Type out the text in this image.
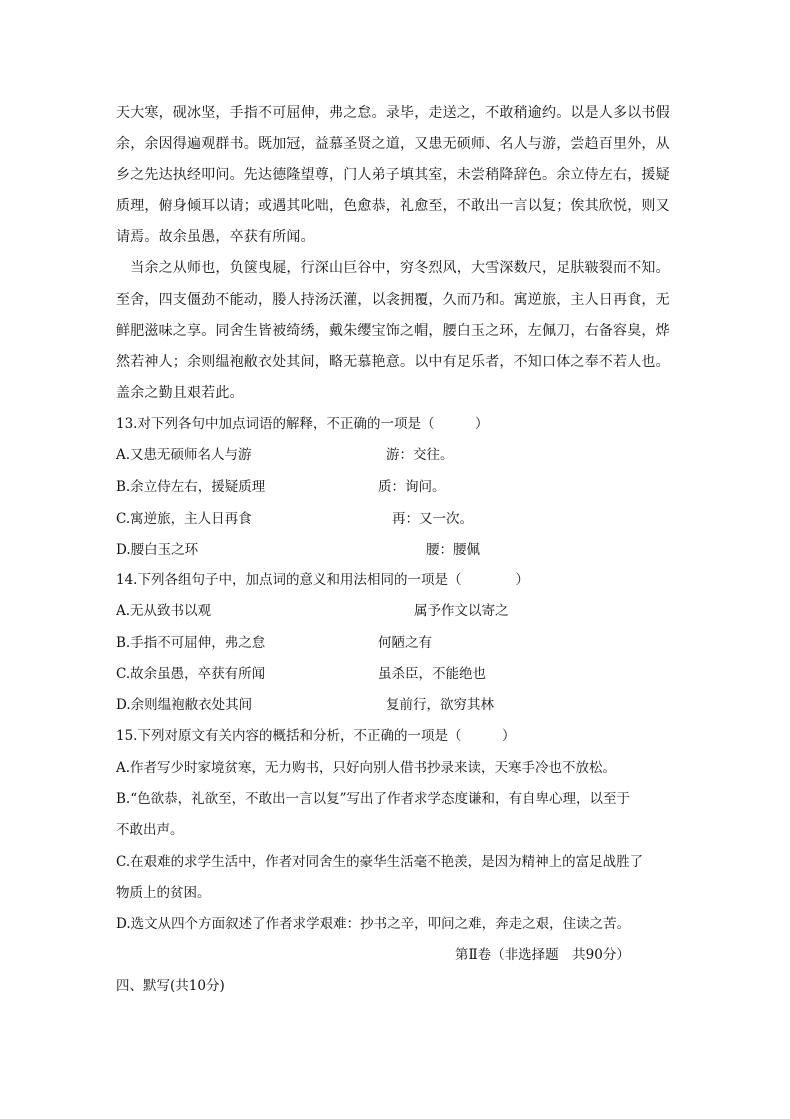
天大寒，砚冰坚，手指不可屈伸，弗之怠。录毕，走送之，不敢稍逾约。以是人多以书假
余，余因得遍观群书。既加冠，益慕圣贤之道，又患无硕师、名人与游，尝趋百里外，从
乡之先达执经叩问。先达德隆望尊，门人弟子填其室，未尝稍降辞色。余立侍左右，援疑
质理，俯身倾耳以请；或遇其叱咄，色愈恭，礼愈至，不敢出一言以复；俟其欣悦，则又
请焉。故余虽愚，卒获有所闻。
　当余之从师也，负箧曳屣，行深山巨谷中，穷冬烈风，大雪深数尺，足肤皲裂而不知。
至舍，四支僵劲不能动，媵人持汤沃灌，以衾拥覆，久而乃和。寓逆旅，主人日再食，无
鲜肥滋味之享。同舍生皆被绮绣，戴朱缨宝饰之帽，腰白玉之环，左佩刀，右备容臭，烨
然若神人；余则缊袍敝衣处其间，略无慕艳意。以中有足乐者，不知口体之奉不若人也。
盖余之勤且艰若此。
13.对下列各句中加点词语的解释，不正确的一项是（　　　）
A.又患无硕师名人与游	游：交往。
B.余立侍左右，援疑质理	质：询问。
C.寓逆旅，主人日再食	再：又一次。
D.腰白玉之环	腰：腰佩
14.下列各组句子中，加点词的意义和用法相同的一项是（　　　　）
A.无从致书以观	属予作文以寄之
B.手指不可屈伸，弗之怠	何陋之有
C.故余虽愚，卒获有所闻	虽杀臣，不能绝也
D.余则缊袍敝衣处其间	复前行，欲穷其林
15.下列对原文有关内容的概括和分析，不正确的一项是（　　　）
A.作者写少时家境贫寒，无力购书，只好向别人借书抄录来读，天寒手冷也不放松。
B.“色欲恭，礼欲至，不敢出一言以复”写出了作者求学态度谦和，有自卑心理，以至于
不敢出声。
C.在艰难的求学生活中，作者对同舍生的豪华生活毫不艳羡，是因为精神上的富足战胜了
物质上的贫困。
D.选文从四个方面叙述了作者求学艰难：抄书之辛，叩问之难，奔走之艰，住读之苦。
第Ⅱ卷（非选择题　共90分）
四、默写(共10分)
